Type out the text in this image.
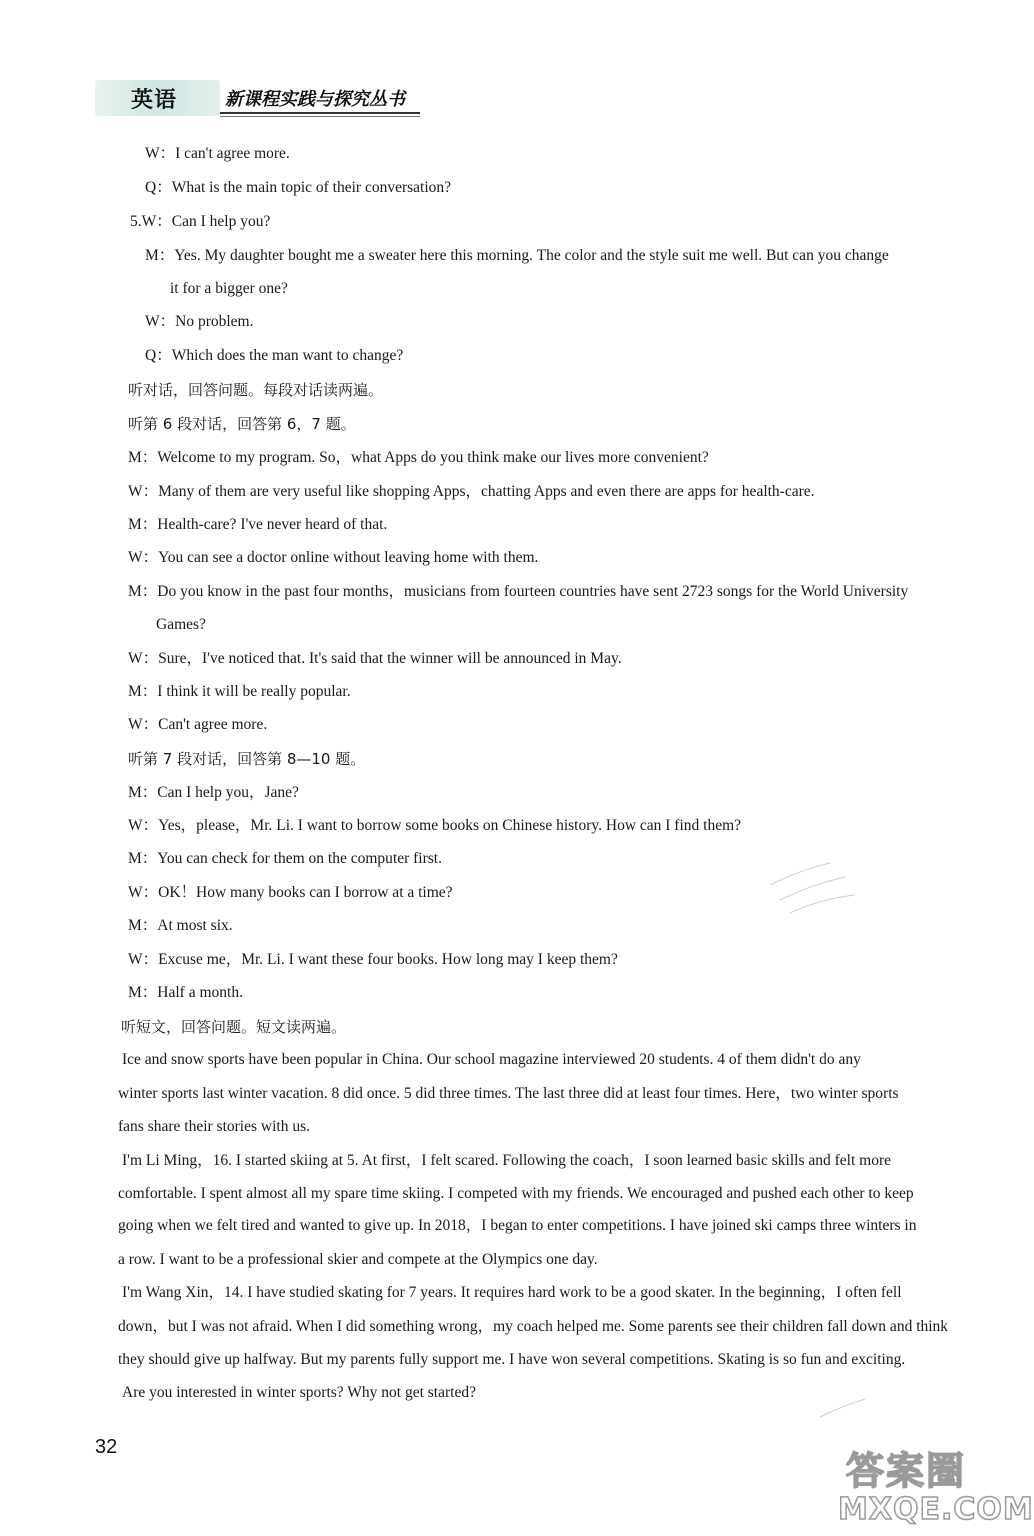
英语	新课程实践与探究丛书
W：I can't agree more.
Q：What is the main topic of their conversation?
5.W：Can I help you?
M：Yes. My daughter bought me a sweater here this morning. The color and the style suit me well. But can you change
it for a bigger one?
W：No problem.
Q：Which does the man want to change?
听对话，回答问题。每段对话读两遍。
听第 6 段对话，回答第 6，7 题。
M：Welcome to my program. So，what Apps do you think make our lives more convenient?
W：Many of them are very useful like shopping Apps，chatting Apps and even there are apps for health-care.
M：Health-care? I've never heard of that.
W：You can see a doctor online without leaving home with them.
M：Do you know in the past four months，musicians from fourteen countries have sent 2723 songs for the World University
Games?
W：Sure，I've noticed that. It's said that the winner will be announced in May.
M：I think it will be really popular.
W：Can't agree more.
听第 7 段对话，回答第 8—10 题。
M：Can I help you，Jane?
W：Yes，please，Mr. Li. I want to borrow some books on Chinese history. How can I find them?
M：You can check for them on the computer first.
W：OK！How many books can I borrow at a time?
M：At most six.
W：Excuse me，Mr. Li. I want these four books. How long may I keep them?
M：Half a month.
听短文，回答问题。短文读两遍。
Ice and snow sports have been popular in China. Our school magazine interviewed 20 students. 4 of them didn't do any
winter sports last winter vacation. 8 did once. 5 did three times. The last three did at least four times. Here，two winter sports
fans share their stories with us.
I'm Li Ming，16. I started skiing at 5. At first，I felt scared. Following the coach，I soon learned basic skills and felt more
comfortable. I spent almost all my spare time skiing. I competed with my friends. We encouraged and pushed each other to keep
going when we felt tired and wanted to give up. In 2018，I began to enter competitions. I have joined ski camps three winters in
a row. I want to be a professional skier and compete at the Olympics one day.
I'm Wang Xin，14. I have studied skating for 7 years. It requires hard work to be a good skater. In the beginning，I often fell
down，but I was not afraid. When I did something wrong，my coach helped me. Some parents see their children fall down and think
they should give up halfway. But my parents fully support me. I have won several competitions. Skating is so fun and exciting.
Are you interested in winter sports? Why not get started?
32
答案圈
MXQE.COM
